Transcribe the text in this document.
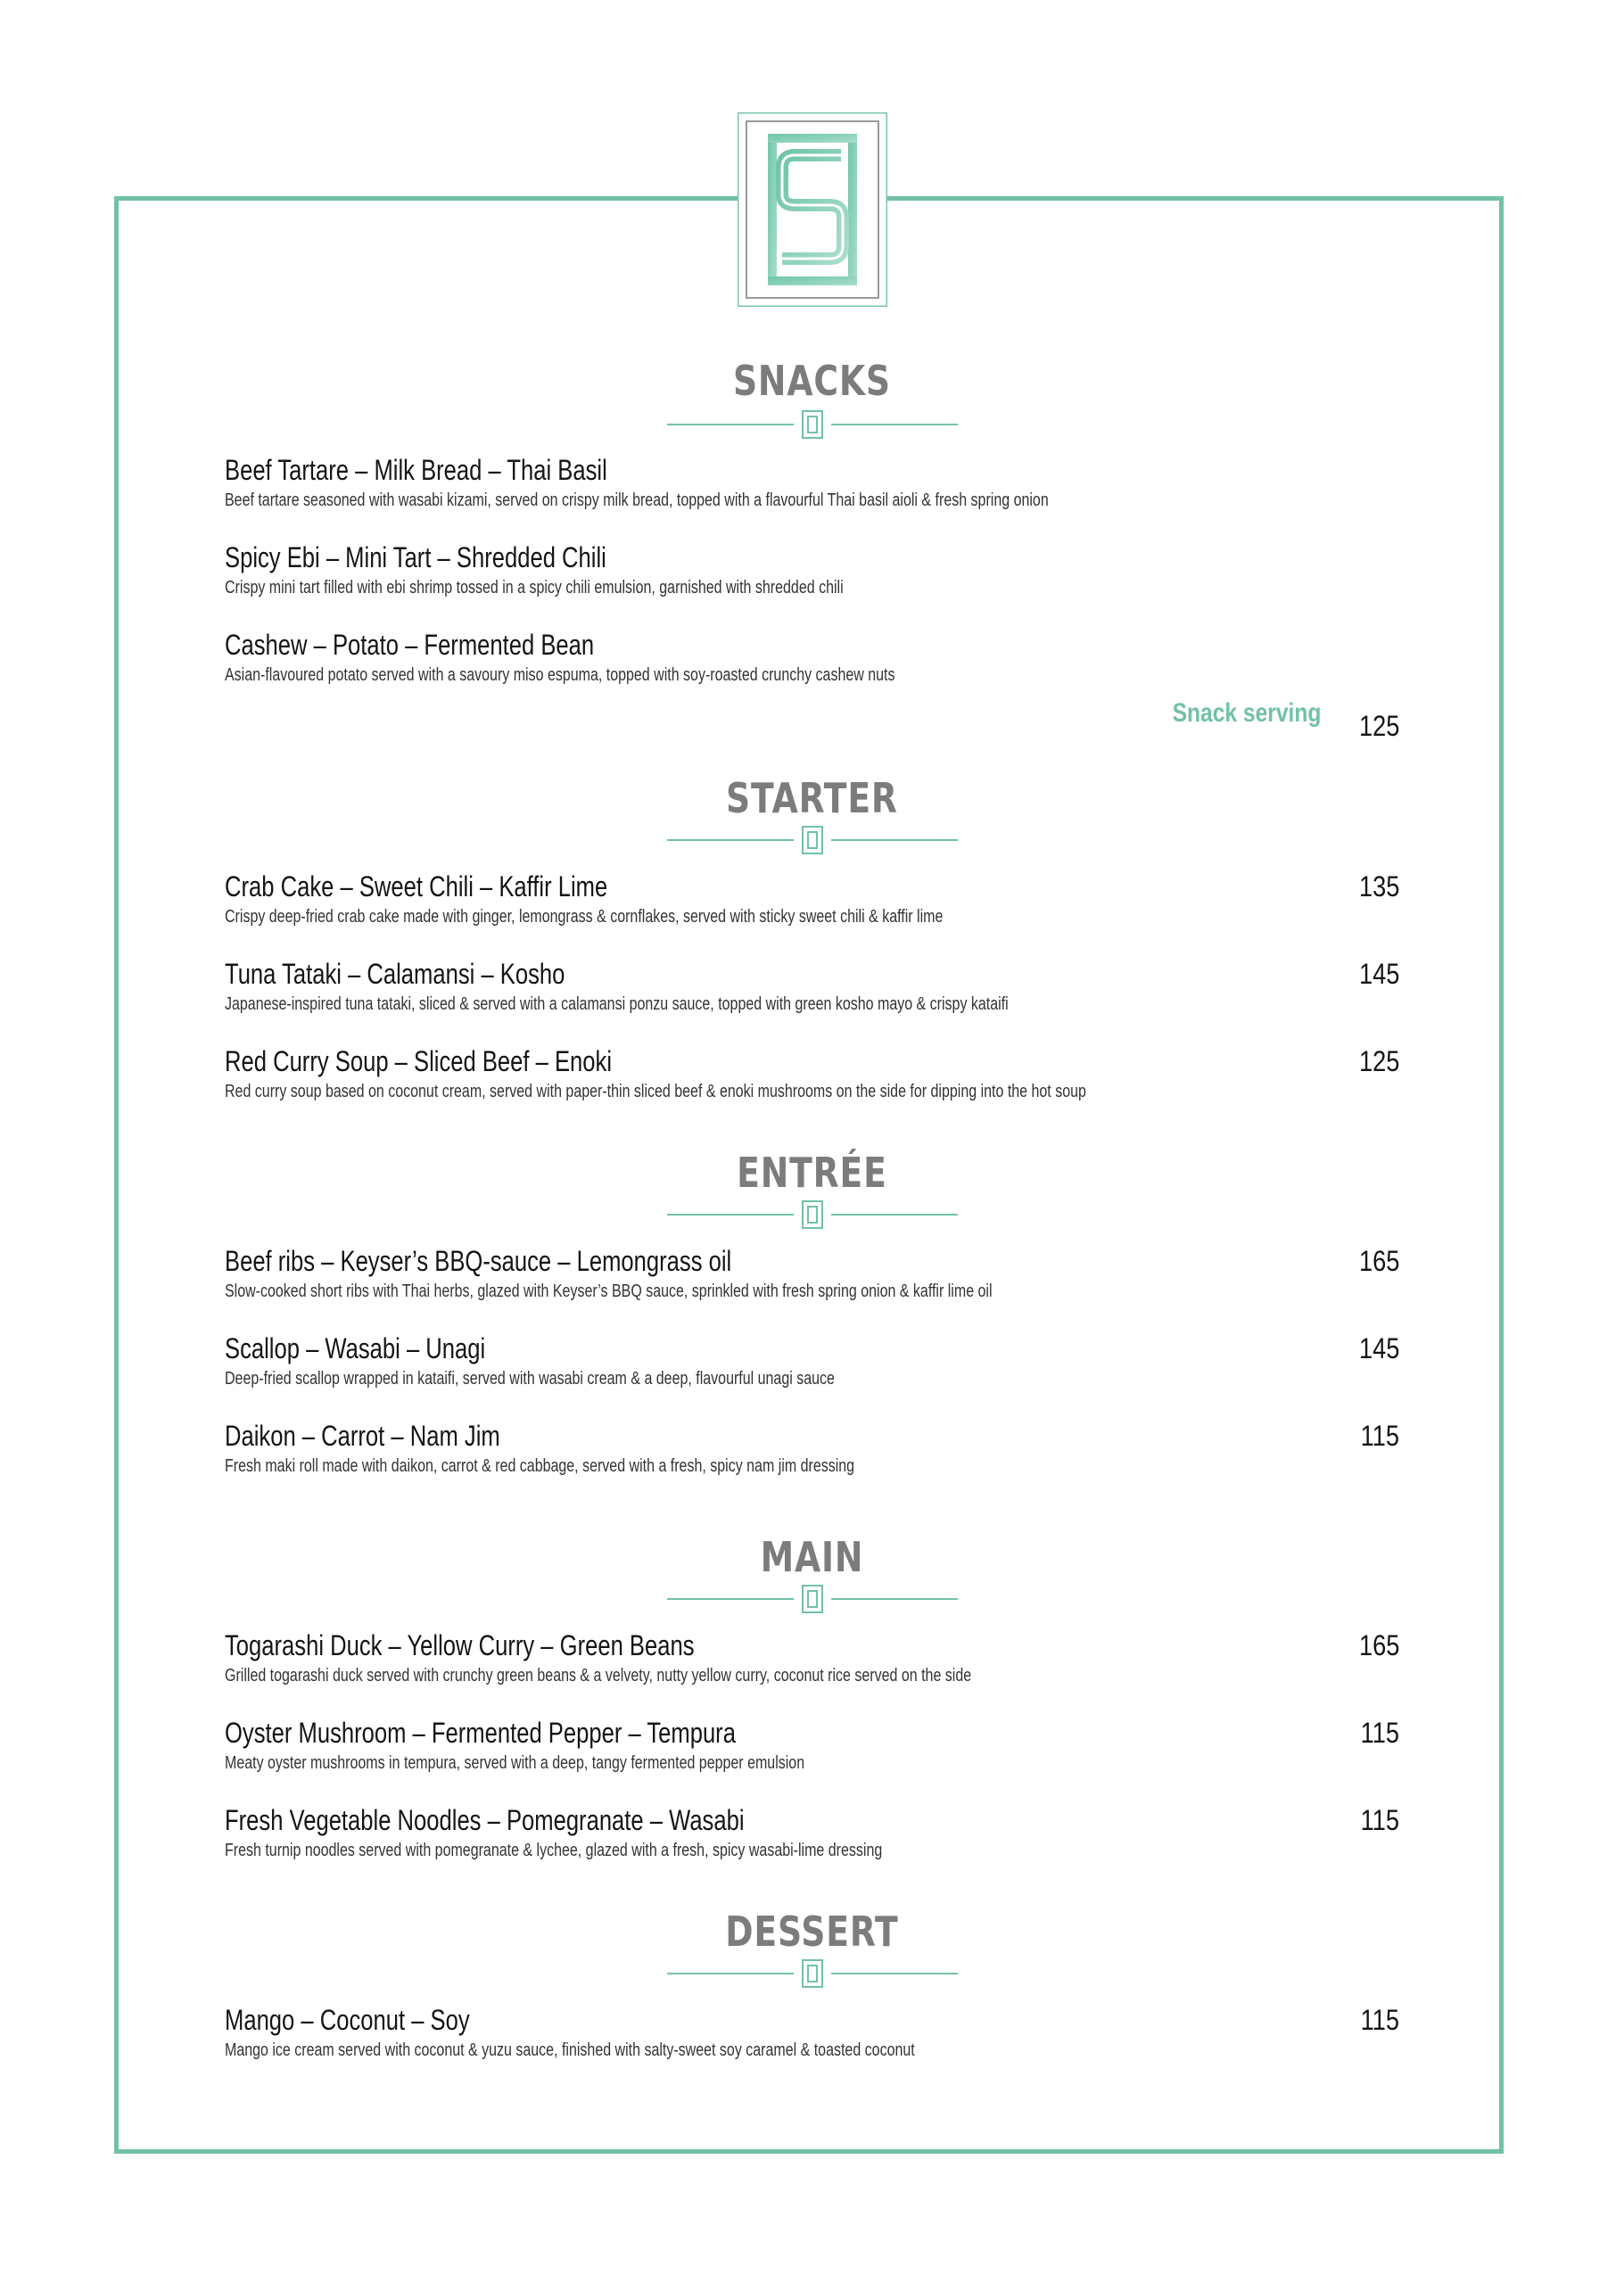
SNACKS
Beef Tartare – Milk Bread – Thai Basil
Beef tartare seasoned with wasabi kizami, served on crispy milk bread, topped with a flavourful Thai basil aioli & fresh spring onion
Spicy Ebi – Mini Tart – Shredded Chili
Crispy mini tart filled with ebi shrimp tossed in a spicy chili emulsion, garnished with shredded chili
Cashew – Potato – Fermented Bean
Asian-flavoured potato served with a savoury miso espuma, topped with soy-roasted crunchy cashew nuts
Snack serving 125
STARTER
Crab Cake – Sweet Chili – Kaffir Lime
Crispy deep-fried crab cake made with ginger, lemongrass & cornflakes, served with sticky sweet chili & kaffir lime
135
Tuna Tataki – Calamansi – Kosho
Japanese-inspired tuna tataki, sliced & served with a calamansi ponzu sauce, topped with green kosho mayo & crispy kataifi
145
Red Curry Soup – Sliced Beef – Enoki
Red curry soup based on coconut cream, served with paper-thin sliced beef & enoki mushrooms on the side for dipping into the hot soup
125
ENTRÉE
Beef ribs – Keyser’s BBQ-sauce – Lemongrass oil
Slow-cooked short ribs with Thai herbs, glazed with Keyser’s BBQ sauce, sprinkled with fresh spring onion & kaffir lime oil
165
Scallop – Wasabi – Unagi
Deep-fried scallop wrapped in kataifi, served with wasabi cream & a deep, flavourful unagi sauce
145
Daikon – Carrot – Nam Jim
Fresh maki roll made with daikon, carrot & red cabbage, served with a fresh, spicy nam jim dressing
115
MAIN
Togarashi Duck – Yellow Curry – Green Beans
Grilled togarashi duck served with crunchy green beans & a velvety, nutty yellow curry, coconut rice served on the side
165
Oyster Mushroom – Fermented Pepper – Tempura
Meaty oyster mushrooms in tempura, served with a deep, tangy fermented pepper emulsion
115
Fresh Vegetable Noodles – Pomegranate – Wasabi
Fresh turnip noodles served with pomegranate & lychee, glazed with a fresh, spicy wasabi-lime dressing
115
DESSERT
Mango – Coconut – Soy
Mango ice cream served with coconut & yuzu sauce, finished with salty-sweet soy caramel & toasted coconut
115
